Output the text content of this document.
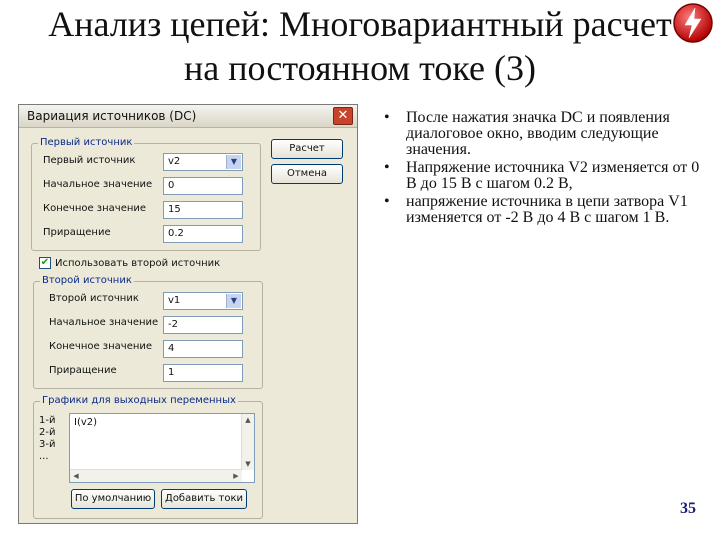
Анализ цепей: Многовариантный расчет
на постоянном токе (3)
• После нажатия значка DC и появления диалоговое окно, вводим следующие значения.
• Напряжение источника V2 изменяется от 0 В до 15 В с шагом 0.2 В,
• напряжение источника в цепи затвора V1 изменяется от -2 В до 4 В с шагом 1 В.
Вариация источников (DC)	✕
Первый источник
Первый источник	v2	▼
Начальное значение	0
Конечное значение	15
Приращение	0.2
Расчет
Отмена
✔ Использовать второй источник
Второй источник
Второй источник	v1	▼
Начальное значение -2
Конечное значение	4
Приращение	1
Графики для выходных переменных
1-й
2-й
3-й
...
I(v2)	▲
▼
◀	▶
По умолчанию	Добавить токи
35
